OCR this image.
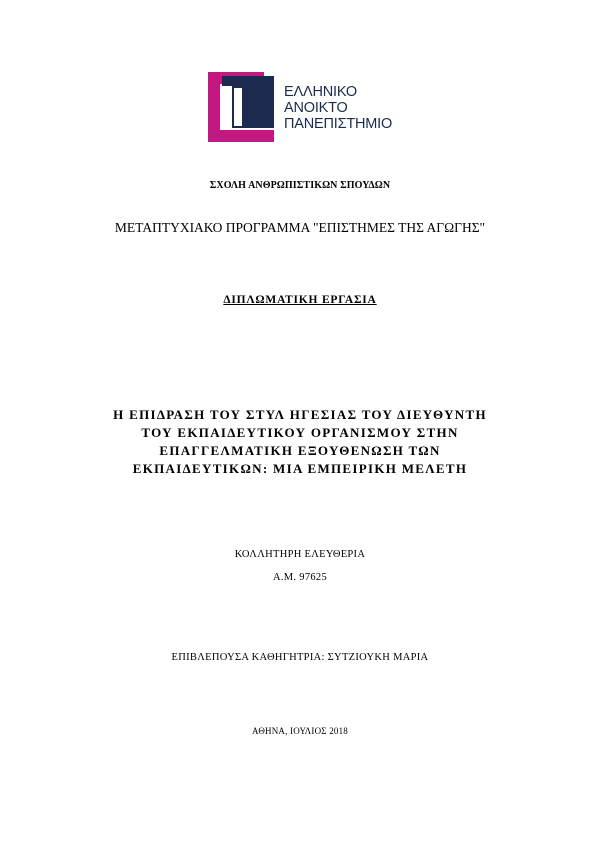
ΕΛΛΗΝΙΚΟ
ΑΝΟΙΚΤΟ
ΠΑΝΕΠΙΣΤΗΜΙΟ
ΣΧΟΛΗ ΑΝΘΡΩΠΙΣΤΙΚΩΝ ΣΠΟΥΔΩΝ
ΜΕΤΑΠΤΥΧΙΑΚΟ ΠΡΟΓΡΑΜΜΑ "ΕΠΙΣΤΗΜΕΣ ΤΗΣ ΑΓΩΓΗΣ"
ΔΙΠΛΩΜΑΤΙΚΗ ΕΡΓΑΣΙΑ
Η ΕΠΙΔΡΑΣΗ ΤΟΥ ΣΤΥΛ ΗΓΕΣΙΑΣ ΤΟΥ ΔΙΕΥΘΥΝΤΗ
ΤΟΥ ΕΚΠΑΙΔΕΥΤΙΚΟΥ ΟΡΓΑΝΙΣΜΟΥ ΣΤΗΝ
ΕΠΑΓΓΕΛΜΑΤΙΚΗ ΕΞΟΥΘΕΝΩΣΗ ΤΩΝ
ΕΚΠΑΙΔΕΥΤΙΚΩΝ: ΜΙΑ ΕΜΠΕΙΡΙΚΗ ΜΕΛΕΤΗ
ΚΟΛΛΗΤΗΡΗ ΕΛΕΥΘΕΡΙΑ
Α.Μ. 97625
ΕΠΙΒΛΕΠΟΥΣΑ ΚΑΘΗΓΗΤΡΙΑ: ΣΥΤΖΙΟΥΚΗ ΜΑΡΙΑ
ΑΘΗΝΑ, ΙΟΥΛΙΟΣ 2018
